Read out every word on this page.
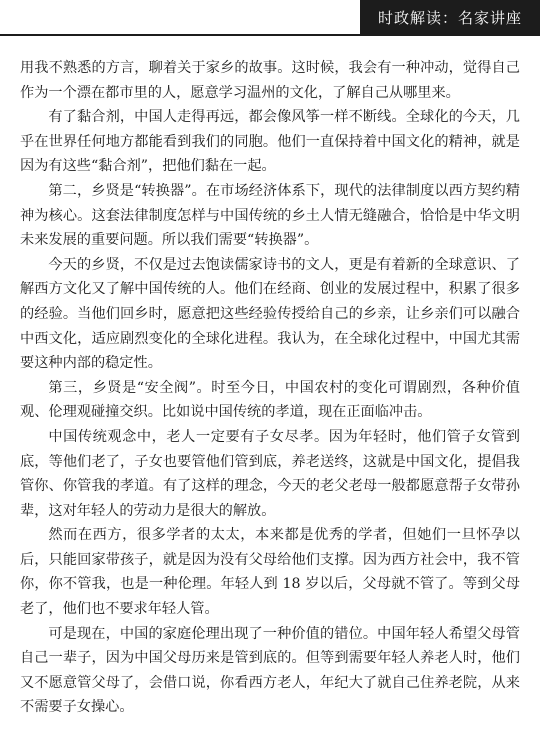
时政解读：名家讲座

用我不熟悉的方言，聊着关于家乡的故事。这时候，我会有一种冲动，觉得自己作为一个漂在都市里的人，愿意学习温州的文化，了解自己从哪里来。

有了黏合剂，中国人走得再远，都会像风筝一样不断线。全球化的今天，几乎在世界任何地方都能看到我们的同胞。他们一直保持着中国文化的精神，就是因为有这些“黏合剂”，把他们黏在一起。

第二，乡贤是“转换器”。在市场经济体系下，现代的法律制度以西方契约精神为核心。这套法律制度怎样与中国传统的乡土人情无缝融合，恰恰是中华文明未来发展的重要问题。所以我们需要“转换器”。

今天的乡贤，不仅是过去饱读儒家诗书的文人，更是有着新的全球意识、了解西方文化又了解中国传统的人。他们在经商、创业的发展过程中，积累了很多的经验。当他们回乡时，愿意把这些经验传授给自己的乡亲，让乡亲们可以融合中西文化，适应剧烈变化的全球化进程。我认为，在全球化过程中，中国尤其需要这种内部的稳定性。

第三，乡贤是“安全阀”。时至今日，中国农村的变化可谓剧烈，各种价值观、伦理观碰撞交织。比如说中国传统的孝道，现在正面临冲击。

中国传统观念中，老人一定要有子女尽孝。因为年轻时，他们管子女管到底，等他们老了，子女也要管他们管到底，养老送终，这就是中国文化，提倡我管你、你管我的孝道。有了这样的理念，今天的老父老母一般都愿意帮子女带孙辈，这对年轻人的劳动力是很大的解放。

然而在西方，很多学者的太太，本来都是优秀的学者，但她们一旦怀孕以后，只能回家带孩子，就是因为没有父母给他们支撑。因为西方社会中，我不管你，你不管我，也是一种伦理。年轻人到 18 岁以后，父母就不管了。等到父母老了，他们也不要求年轻人管。

可是现在，中国的家庭伦理出现了一种价值的错位。中国年轻人希望父母管自己一辈子，因为中国父母历来是管到底的。但等到需要年轻人养老人时，他们又不愿意管父母了，会借口说，你看西方老人，年纪大了就自己住养老院，从来不需要子女操心。
